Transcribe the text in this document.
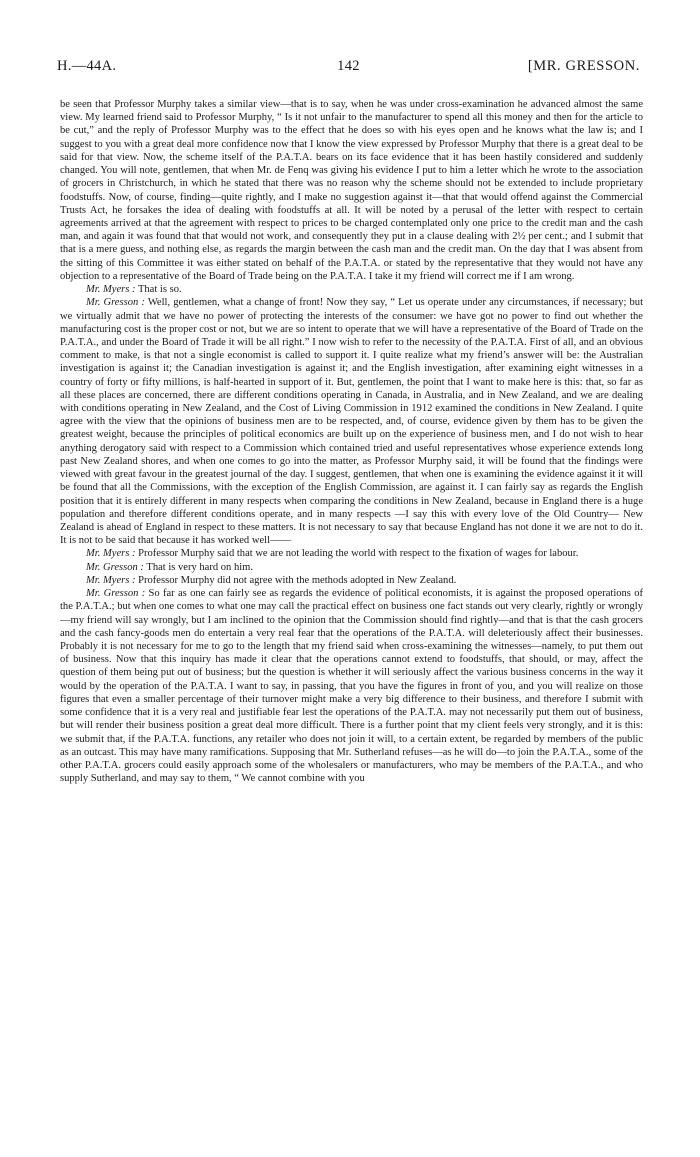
H.—44A.	142	[MR. GRESSON.

be seen that Professor Murphy takes a similar view—that is to say, when he was under cross-examination he advanced almost the same view. My learned friend said to Professor Murphy, “ Is it not unfair to the manufacturer to spend all this money and then for the article to be cut,” and the reply of Professor Murphy was to the effect that he does so with his eyes open and he knows what the law is; and I suggest to you with a great deal more confidence now that I know the view expressed by Professor Murphy that there is a great deal to be said for that view. Now, the scheme itself of the P.A.T.A. bears on its face evidence that it has been hastily considered and suddenly changed. You will note, gentlemen, that when Mr. de Fenq was giving his evidence I put to him a letter which he wrote to the association of grocers in Christchurch, in which he stated that there was no reason why the scheme should not be extended to include proprietary foodstuffs. Now, of course, finding—quite rightly, and I make no suggestion against it—that that would offend against the Commercial Trusts Act, he forsakes the idea of dealing with foodstuffs at all. It will be noted by a perusal of the letter with respect to certain agreements arrived at that the agreement with respect to prices to be charged contemplated only one price to the credit man and the cash man, and again it was found that that would not work, and consequently they put in a clause dealing with 2½ per cent.; and I submit that that is a mere guess, and nothing else, as regards the margin between the cash man and the credit man. On the day that I was absent from the sitting of this Committee it was either stated on behalf of the P.A.T.A. or stated by the representative that they would not have any objection to a representative of the Board of Trade being on the P.A.T.A. I take it my friend will correct me if I am wrong.

Mr. Myers : That is so.

Mr. Gresson : Well, gentlemen, what a change of front! Now they say, “ Let us operate under any circumstances, if necessary; but we virtually admit that we have no power of protecting the interests of the consumer: we have got no power to find out whether the manufacturing cost is the proper cost or not, but we are so intent to operate that we will have a representative of the Board of Trade on the P.A.T.A., and under the Board of Trade it will be all right.” I now wish to refer to the necessity of the P.A.T.A. First of all, and an obvious comment to make, is that not a single economist is called to support it. I quite realize what my friend’s answer will be: the Australian investigation is against it; the Canadian investigation is against it; and the English investigation, after examining eight witnesses in a country of forty or fifty millions, is half-hearted in support of it. But, gentlemen, the point that I want to make here is this: that, so far as all these places are concerned, there are different conditions operating in Canada, in Australia, and in New Zealand, and we are dealing with conditions operating in New Zealand, and the Cost of Living Commission in 1912 examined the conditions in New Zealand. I quite agree with the view that the opinions of business men are to be respected, and, of course, evidence given by them has to be given the greatest weight, because the principles of political economics are built up on the experience of business men, and I do not wish to hear anything derogatory said with respect to a Commission which contained tried and useful representatives whose experience extends long past New Zealand shores, and when one comes to go into the matter, as Professor Murphy said, it will be found that the findings were viewed with great favour in the greatest journal of the day. I suggest, gentlemen, that when one is examining the evidence against it it will be found that all the Commissions, with the exception of the English Commission, are against it. I can fairly say as regards the English position that it is entirely different in many respects when comparing the conditions in New Zealand, because in England there is a huge population and therefore different conditions operate, and in many respects —I say this with every love of the Old Country— New Zealand is ahead of England in respect to these matters. It is not necessary to say that because England has not done it we are not to do it. It is not to be said that because it has worked well——

Mr. Myers : Professor Murphy said that we are not leading the world with respect to the fixation of wages for labour.

Mr. Gresson : That is very hard on him.

Mr. Myers : Professor Murphy did not agree with the methods adopted in New Zealand.

Mr. Gresson : So far as one can fairly see as regards the evidence of political economists, it is against the proposed operations of the P.A.T.A.; but when one comes to what one may call the practical effect on business one fact stands out very clearly, rightly or wrongly—my friend will say wrongly, but I am inclined to the opinion that the Commission should find rightly—and that is that the cash grocers and the cash fancy-goods men do entertain a very real fear that the operations of the P.A.T.A. will deleteriously affect their businesses. Probably it is not necessary for me to go to the length that my friend said when cross-examining the witnesses—namely, to put them out of business. Now that this inquiry has made it clear that the operations cannot extend to foodstuffs, that should, or may, affect the question of them being put out of business; but the question is whether it will seriously affect the various business concerns in the way it would by the operation of the P.A.T.A. I want to say, in passing, that you have the figures in front of you, and you will realize on those figures that even a smaller percentage of their turnover might make a very big difference to their business, and therefore I submit with some confidence that it is a very real and justifiable fear lest the operations of the P.A.T.A. may not necessarily put them out of business, but will render their business position a great deal more difficult. There is a further point that my client feels very strongly, and it is this: we submit that, if the P.A.T.A. functions, any retailer who does not join it will, to a certain extent, be regarded by members of the public as an outcast. This may have many ramifications. Supposing that Mr. Sutherland refuses—as he will do—to join the P.A.T.A., some of the other P.A.T.A. grocers could easily approach some of the wholesalers or manufacturers, who may be members of the P.A.T.A., and who supply Sutherland, and may say to them, “ We cannot combine with you
